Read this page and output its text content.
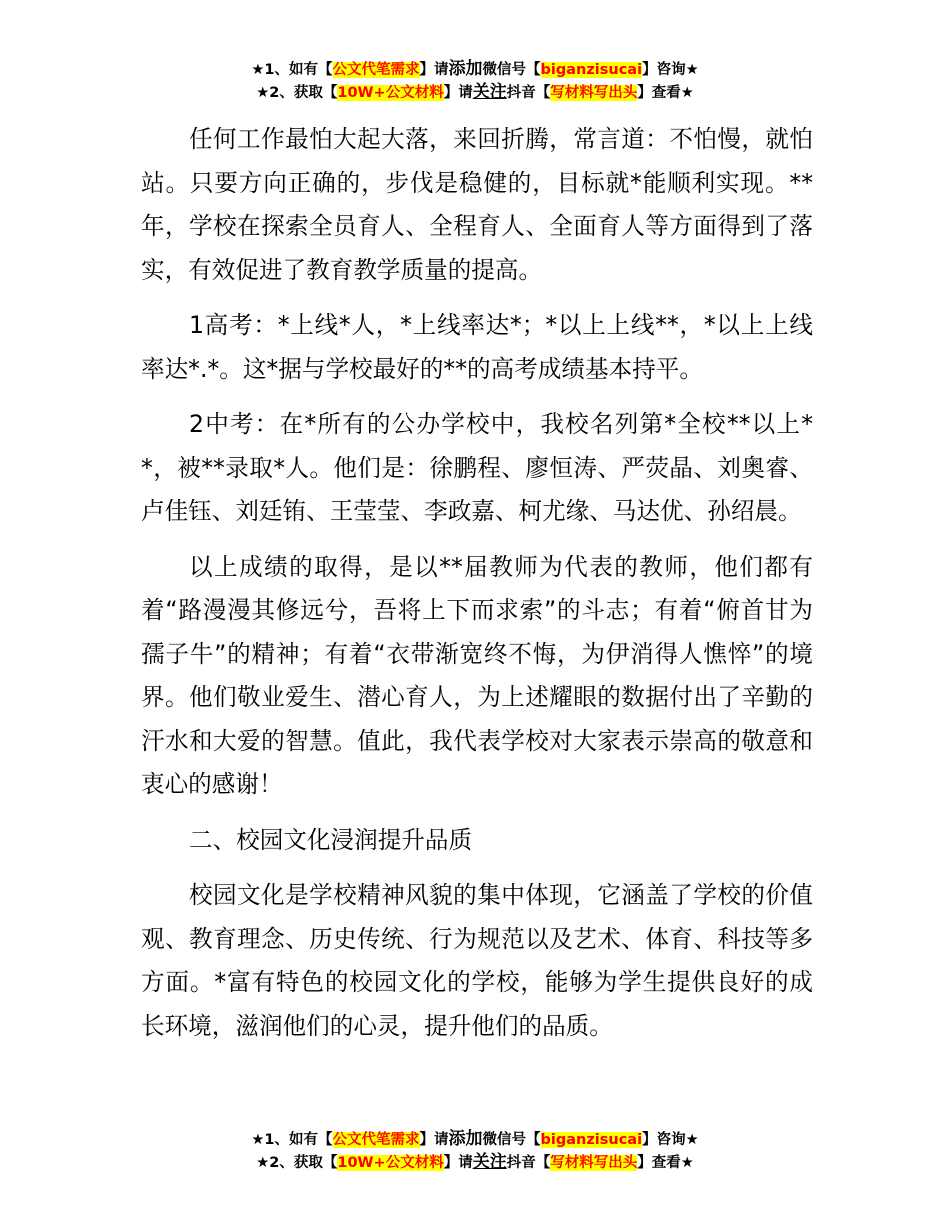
★1、如有【公文代笔需求】请添加微信号【biganzisucai】咨询★
★2、获取【10W+公文材料】请关注抖音【写材料写出头】查看★

任何工作最怕大起大落，来回折腾，常言道：不怕慢，就怕站。只要方向正确的，步伐是稳健的，目标就*能顺利实现。**年，学校在探索全员育人、全程育人、全面育人等方面得到了落实，有效促进了教育教学质量的提高。

1高考：*上线*人，*上线率达*；*以上上线**，*以上上线率达*.*。这*据与学校最好的**的高考成绩基本持平。

2中考：在*所有的公办学校中，我校名列第*全校**以上**，被**录取*人。他们是：徐鹏程、廖恒涛、严荧晶、刘奥睿、卢佳钰、刘廷铕、王莹莹、李政嘉、柯尤缘、马达优、孙绍晨。

以上成绩的取得，是以**届教师为代表的教师，他们都有着“路漫漫其修远兮，吾将上下而求索”的斗志；有着“俯首甘为孺子牛”的精神；有着“衣带渐宽终不悔，为伊消得人憔悴”的境界。他们敬业爱生、潜心育人，为上述耀眼的数据付出了辛勤的汗水和大爱的智慧。值此，我代表学校对大家表示崇高的敬意和衷心的感谢！

二、校园文化浸润提升品质

校园文化是学校精神风貌的集中体现，它涵盖了学校的价值观、教育理念、历史传统、行为规范以及艺术、体育、科技等多方面。*富有特色的校园文化的学校，能够为学生提供良好的成长环境，滋润他们的心灵，提升他们的品质。

★1、如有【公文代笔需求】请添加微信号【biganzisucai】咨询★
★2、获取【10W+公文材料】请关注抖音【写材料写出头】查看★
